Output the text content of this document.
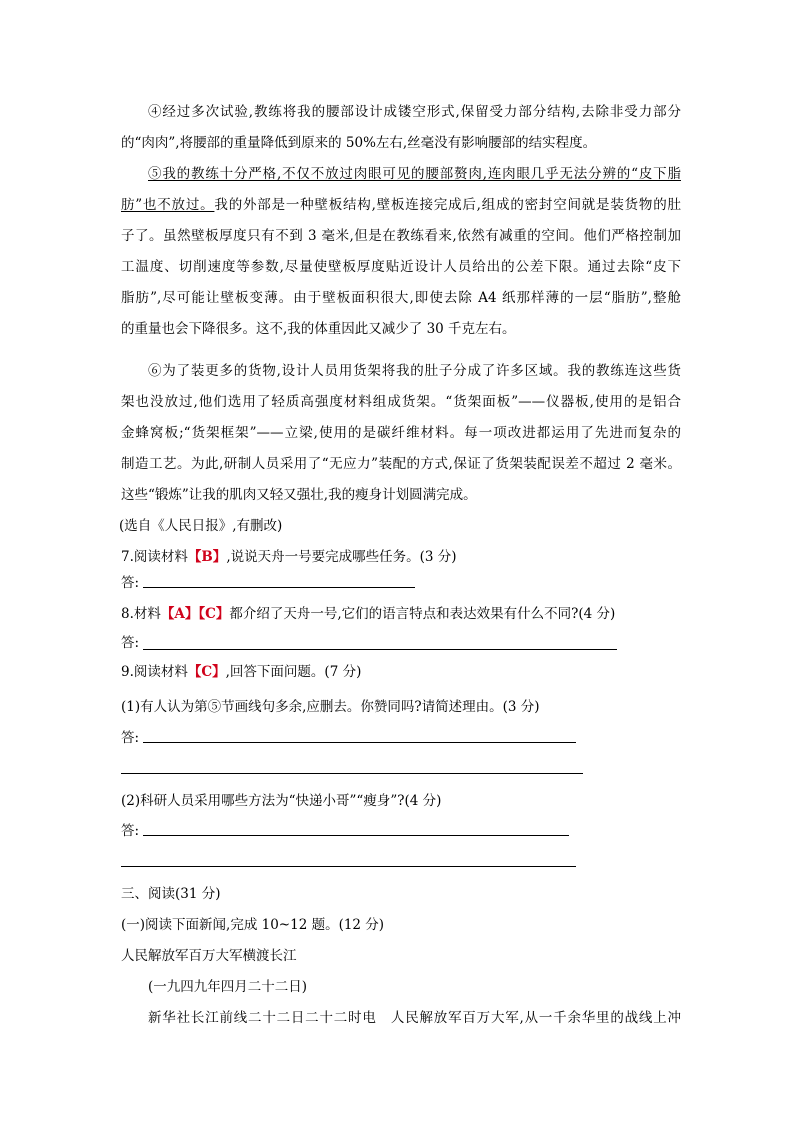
④经过多次试验,教练将我的腰部设计成镂空形式,保留受力部分结构,去除非受力部分
的“肉肉”,将腰部的重量降低到原来的 50%左右,丝毫没有影响腰部的结实程度。
⑤我的教练十分严格,不仅不放过肉眼可见的腰部赘肉,连肉眼几乎无法分辨的“皮下脂
肪”也不放过。我的外部是一种壁板结构,壁板连接完成后,组成的密封空间就是装货物的肚
子了。虽然壁板厚度只有不到 3 毫米,但是在教练看来,依然有减重的空间。他们严格控制加
工温度、切削速度等参数,尽量使壁板厚度贴近设计人员给出的公差下限。通过去除“皮下
脂肪”,尽可能让壁板变薄。由于壁板面积很大,即使去除 A4 纸那样薄的一层“脂肪”,整舱
的重量也会下降很多。这不,我的体重因此又减少了 30 千克左右。
⑥为了装更多的货物,设计人员用货架将我的肚子分成了许多区域。我的教练连这些货
架也没放过,他们选用了轻质高强度材料组成货架。“货架面板”——仪器板,使用的是铝合
金蜂窝板;“货架框架”——立梁,使用的是碳纤维材料。每一项改进都运用了先进而复杂的
制造工艺。为此,研制人员采用了“无应力”装配的方式,保证了货架装配误差不超过 2 毫米。
这些“锻炼”让我的肌肉又轻又强壮,我的瘦身计划圆满完成。
(选自《人民日报》,有删改)
7.阅读材料【B】,说说天舟一号要完成哪些任务。(3 分)
答:
8.材料【A】【C】都介绍了天舟一号,它们的语言特点和表达效果有什么不同?(4 分)
答:
9.阅读材料【C】,回答下面问题。(7 分)
(1)有人认为第⑤节画线句多余,应删去。你赞同吗?请简述理由。(3 分)
答:
(2)科研人员采用哪些方法为“快递小哥”“瘦身”?(4 分)
答:
三、阅读(31 分)
(一)阅读下面新闻,完成 10~12 题。(12 分)
人民解放军百万大军横渡长江
(一九四九年四月二十二日)
新华社长江前线二十二日二十二时电　人民解放军百万大军,从一千余华里的战线上冲
